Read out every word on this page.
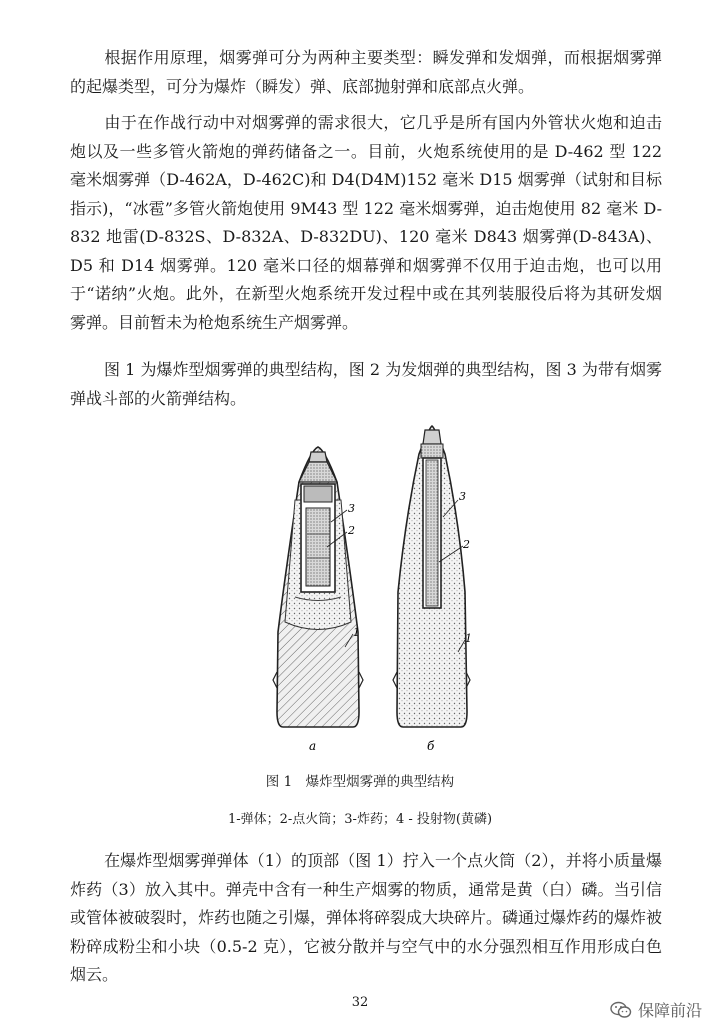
根据作用原理，烟雾弹可分为两种主要类型：瞬发弹和发烟弹，而根据烟雾弹的起爆类型，可分为爆炸（瞬发）弹、底部抛射弹和底部点火弹。

由于在作战行动中对烟雾弹的需求很大，它几乎是所有国内外管状火炮和迫击炮以及一些多管火箭炮的弹药储备之一。目前，火炮系统使用的是 D-462 型 122 毫米烟雾弹（D-462A，D-462C)和 D4(D4M)152 毫米 D15 烟雾弹（试射和目标指示)，“冰雹”多管火箭炮使用 9M43 型 122 毫米烟雾弹，迫击炮使用 82 毫米 D-832 地雷(D-832S、D-832A、D-832DU)、120 毫米 D843 烟雾弹(D-843A)、D5 和 D14 烟雾弹。120 毫米口径的烟幕弹和烟雾弹不仅用于迫击炮，也可以用于“诺纳”火炮。此外，在新型火炮系统开发过程中或在其列装服役后将为其研发烟雾弹。目前暂未为枪炮系统生产烟雾弹。

图 1 为爆炸型烟雾弹的典型结构，图 2 为发烟弹的典型结构，图 3 为带有烟雾弹战斗部的火箭弹结构。

3
2
1
a
3
2
1
б

图 1　爆炸型烟雾弹的典型结构

1-弹体；2-点火筒；3-炸药；4 - 投射物(黄磷)

在爆炸型烟雾弹弹体（1）的顶部（图 1）拧入一个点火筒（2），并将小质量爆炸药（3）放入其中。弹壳中含有一种生产烟雾的物质，通常是黄（白）磷。当引信或管体被破裂时，炸药也随之引爆，弹体将碎裂成大块碎片。磷通过爆炸药的爆炸被粉碎成粉尘和小块（0.5-2 克），它被分散并与空气中的水分强烈相互作用形成白色烟云。

32	保障前沿
